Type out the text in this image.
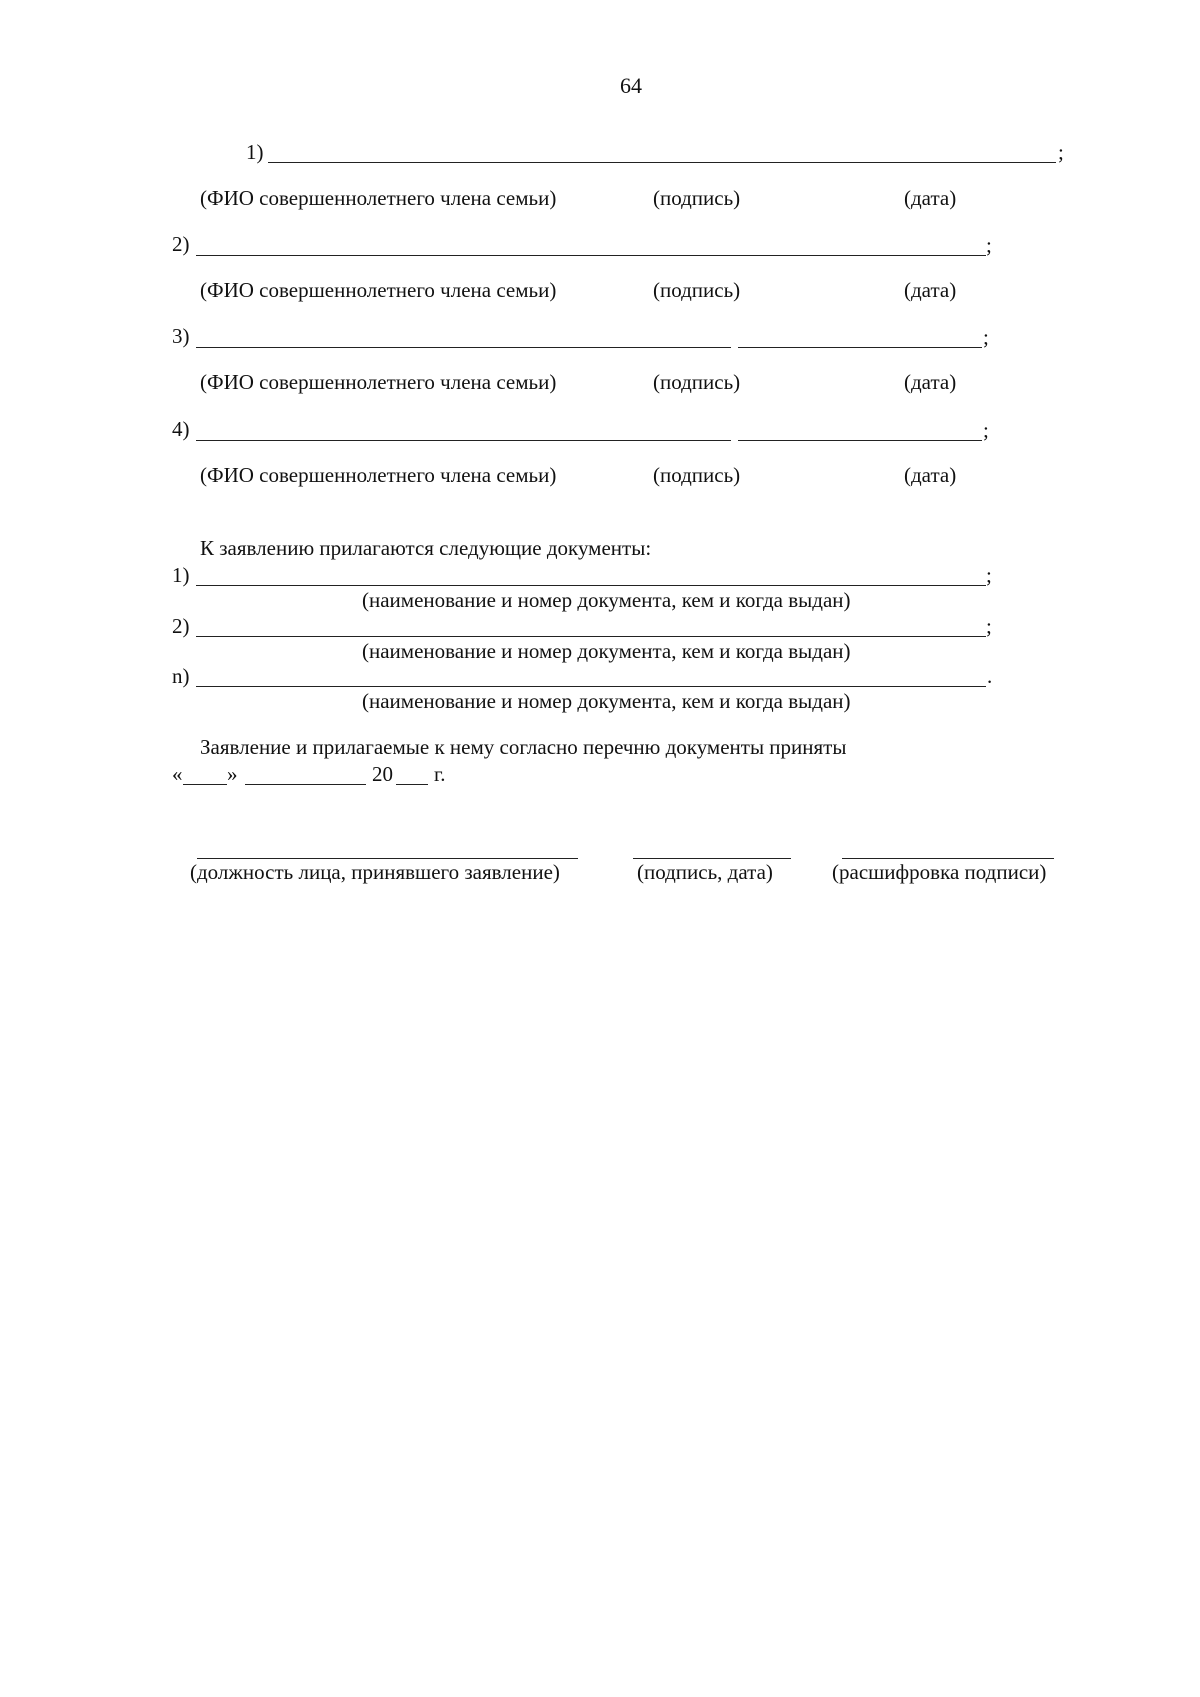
64
1)	;
(ФИО совершеннолетнего члена семьи)	(подпись)	(дата)
2)	;
(ФИО совершеннолетнего члена семьи)	(подпись)	(дата)
3)	;
(ФИО совершеннолетнего члена семьи)	(подпись)	(дата)
4)	;
(ФИО совершеннолетнего члена семьи)	(подпись)	(дата)
К заявлению прилагаются следующие документы:
1)	;
(наименование и номер документа, кем и когда выдан)
2)	;
(наименование и номер документа, кем и когда выдан)
n)	.
(наименование и номер документа, кем и когда выдан)
Заявление и прилагаемые к нему согласно перечню документы приняты
« »	20 г.
(должность лица, принявшего заявление)	(подпись, дата)	(расшифровка подписи)
